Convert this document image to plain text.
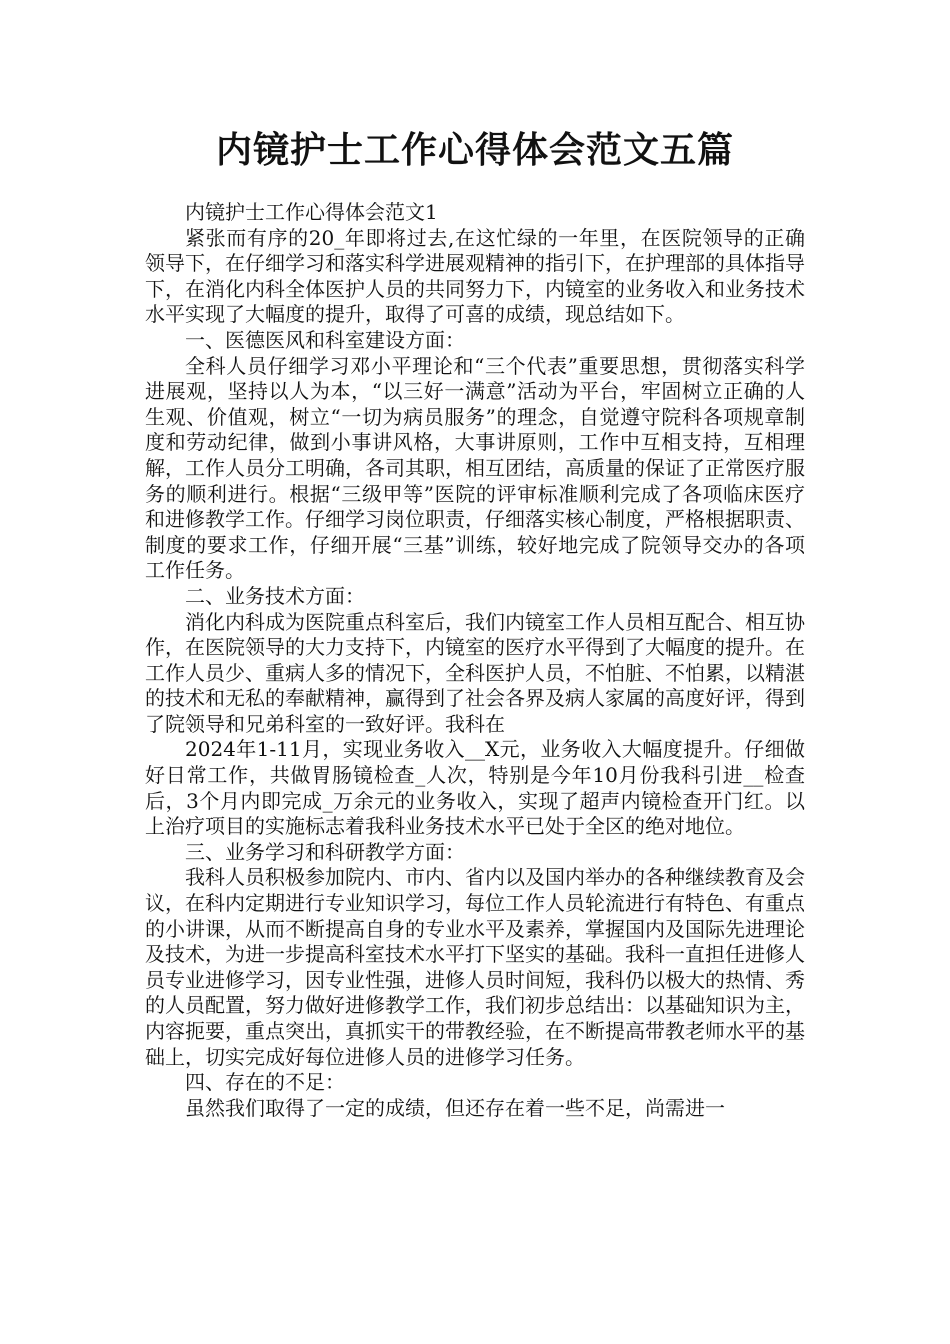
内镜护士工作心得体会范文五篇

内镜护士工作心得体会范文1

紧张而有序的20_年即将过去,在这忙绿的一年里，在医院领导的正确领导下，在仔细学习和落实科学进展观精神的指引下，在护理部的具体指导下，在消化内科全体医护人员的共同努力下，内镜室的业务收入和业务技术水平实现了大幅度的提升，取得了可喜的成绩，现总结如下。

一、医德医风和科室建设方面：

全科人员仔细学习邓小平理论和“三个代表”重要思想，贯彻落实科学进展观，坚持以人为本，“以三好一满意”活动为平台，牢固树立正确的人生观、价值观，树立“一切为病员服务”的理念，自觉遵守院科各项规章制度和劳动纪律，做到小事讲风格，大事讲原则，工作中互相支持，互相理解，工作人员分工明确，各司其职，相互团结，高质量的保证了正常医疗服务的顺利进行。根据“三级甲等”医院的评审标准顺利完成了各项临床医疗和进修教学工作。仔细学习岗位职责，仔细落实核心制度，严格根据职责、制度的要求工作，仔细开展“三基”训练，较好地完成了院领导交办的各项工作任务。

二、业务技术方面：

消化内科成为医院重点科室后，我们内镜室工作人员相互配合、相互协作，在医院领导的大力支持下，内镜室的医疗水平得到了大幅度的提升。在工作人员少、重病人多的情况下，全科医护人员，不怕脏、不怕累，以精湛的技术和无私的奉献精神，赢得到了社会各界及病人家属的高度好评，得到了院领导和兄弟科室的一致好评。我科在

2024年1-11月，实现业务收入__X元，业务收入大幅度提升。仔细做好日常工作，共做胃肠镜检查_人次，特别是今年10月份我科引进__检查后，3个月内即完成_万余元的业务收入，实现了超声内镜检查开门红。以上治疗项目的实施标志着我科业务技术水平已处于全区的绝对地位。

三、业务学习和科研教学方面：

我科人员积极参加院内、市内、省内以及国内举办的各种继续教育及会议，在科内定期进行专业知识学习，每位工作人员轮流进行有特色、有重点的小讲课，从而不断提高自身的专业水平及素养，掌握国内及国际先进理论及技术，为进一步提高科室技术水平打下坚实的基础。我科一直担任进修人员专业进修学习，因专业性强，进修人员时间短，我科仍以极大的热情、秀的人员配置，努力做好进修教学工作，我们初步总结出：以基础知识为主，内容扼要，重点突出，真抓实干的带教经验，在不断提高带教老师水平的基础上，切实完成好每位进修人员的进修学习任务。

四、存在的不足：

虽然我们取得了一定的成绩，但还存在着一些不足，尚需进一
